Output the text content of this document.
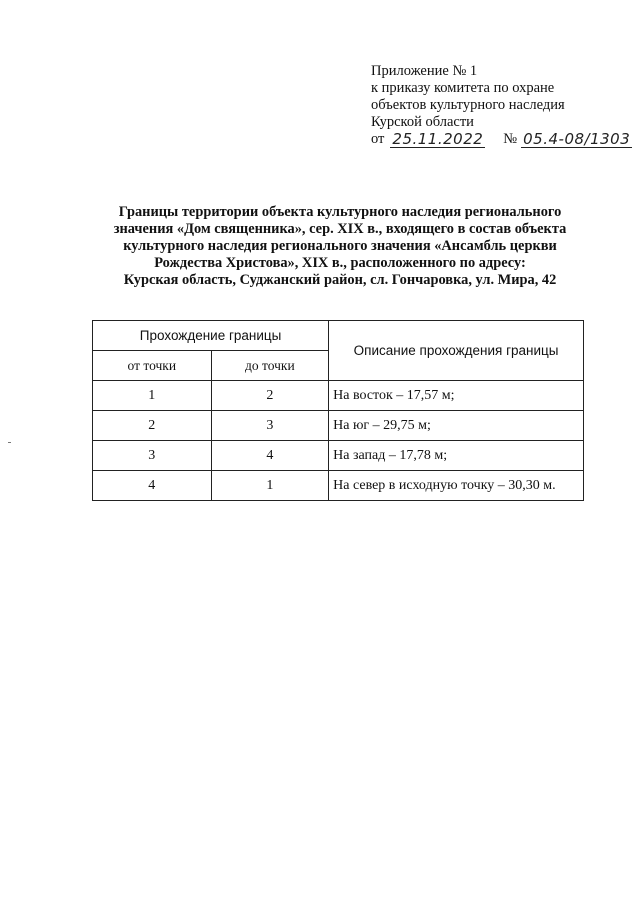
Приложение № 1
к приказу комитета по охране
объектов культурного наследия
Курской области
от 25.11.2022 № 05.4-08/1303
Границы территории объекта культурного наследия регионального
значения «Дом священника», сер. XIX в., входящего в состав объекта
культурного наследия регионального значения «Ансамбль церкви
Рождества Христова», XIX в., расположенного по адресу:
Курская область, Суджанский район, сл. Гончаровка, ул. Мира, 42
Прохождение границы		Описание прохождения границы
от точки	до точки	
1	2	На восток – 17,57 м;
2	3	На юг – 29,75 м;
3	4	На запад – 17,78 м;
4	1	На север в исходную точку – 30,30 м.
